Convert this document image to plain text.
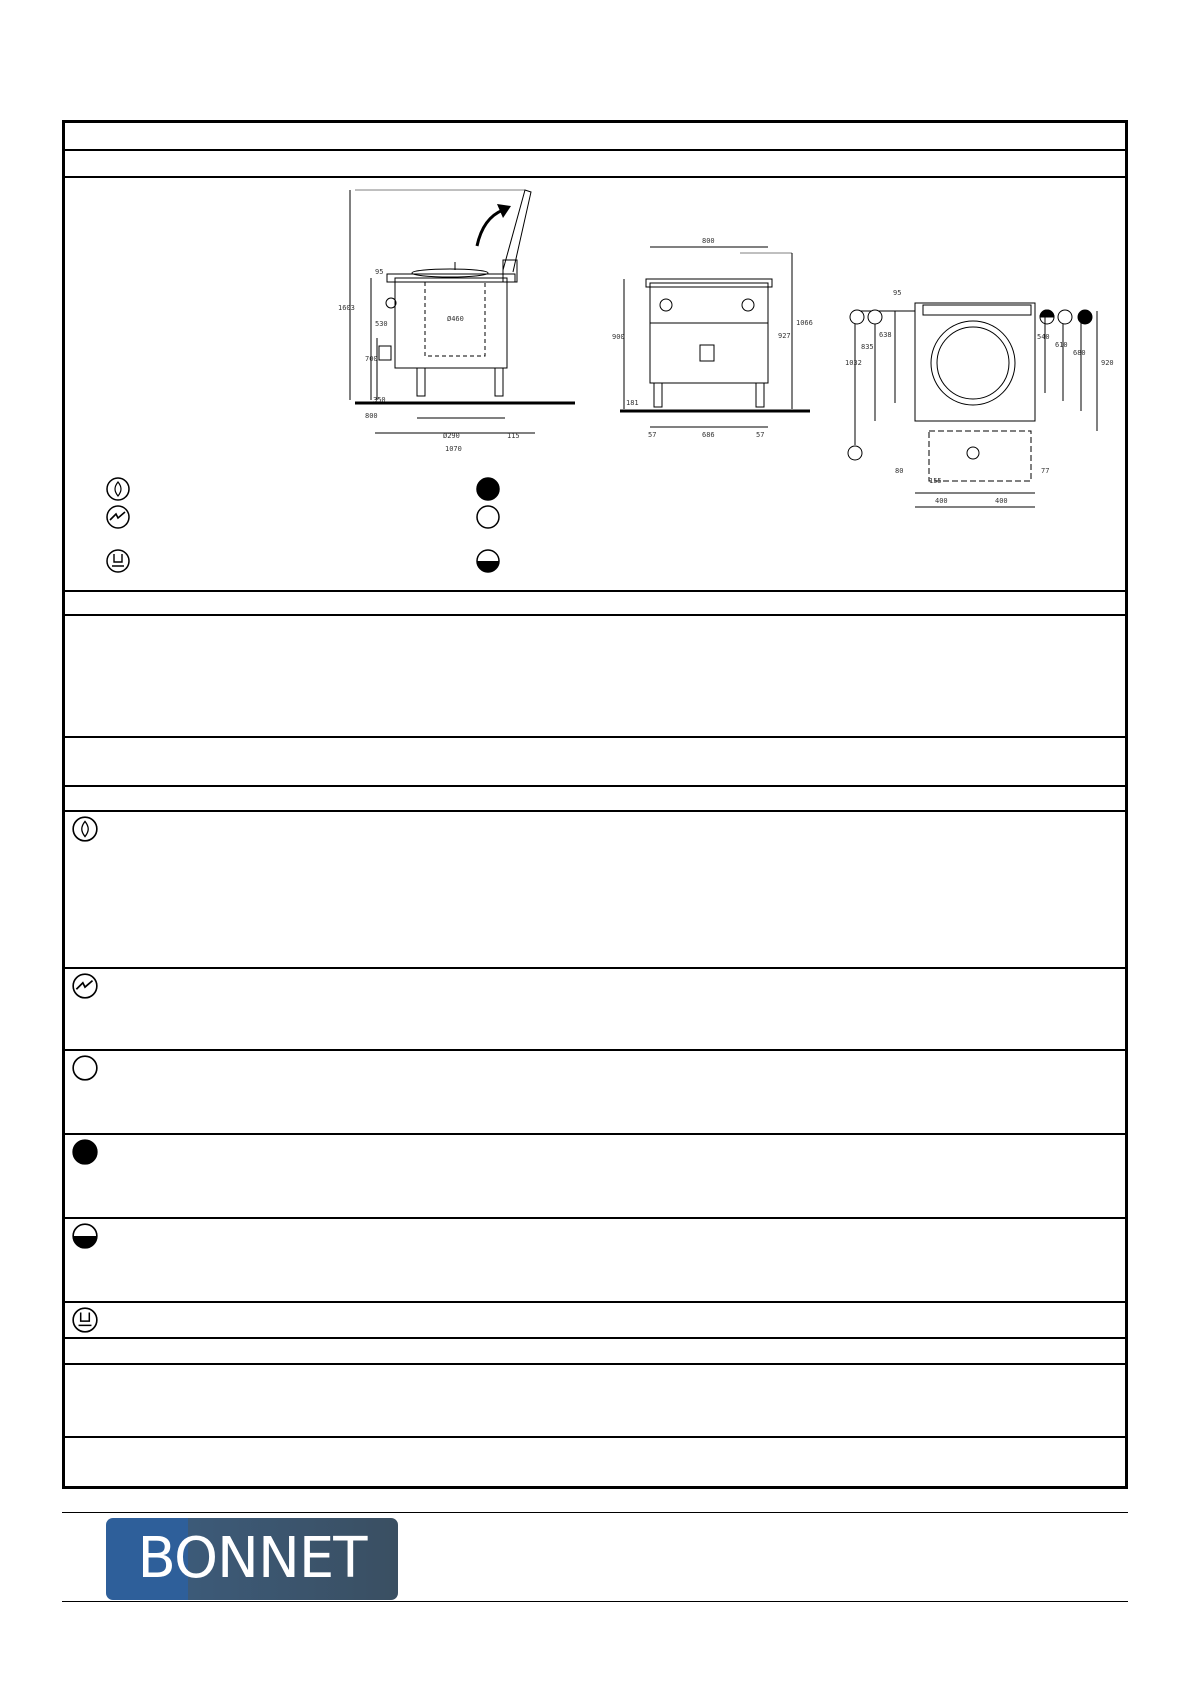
1603
95
530
Ø460
700
350
800
Ø290	115
1070
800
1066
900	927
181
57	686	57
95
638
835
1032
540
610
680
920
80
155
77
400	400
BONNET
